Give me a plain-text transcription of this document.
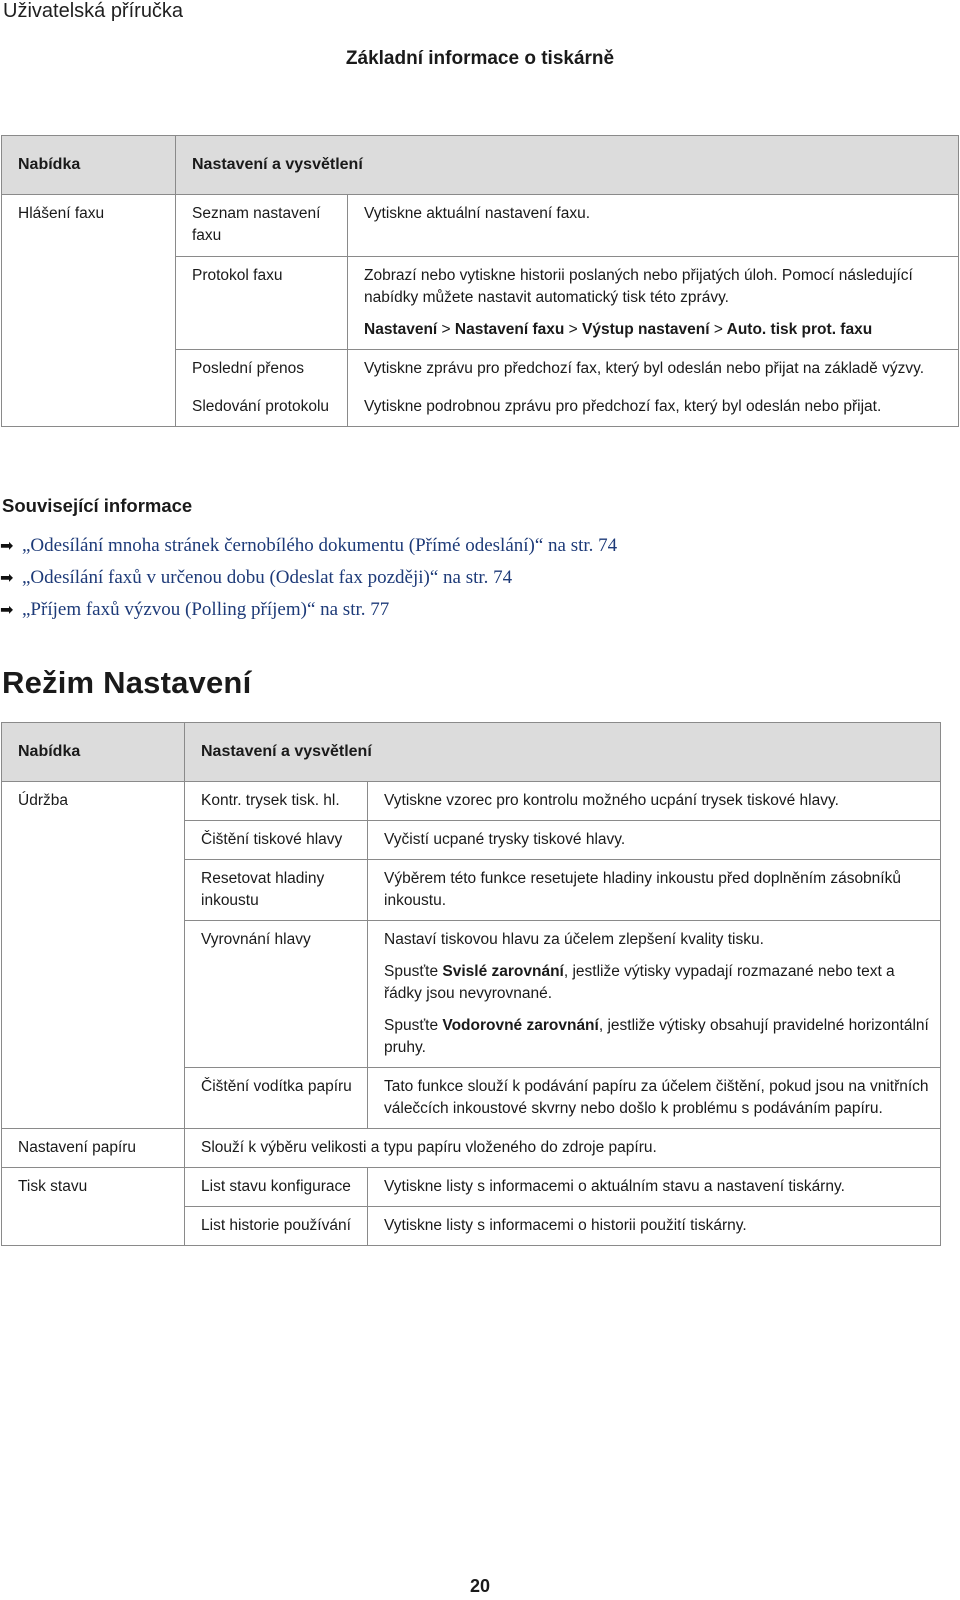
Uživatelská příručka

Základní informace o tiskárně
Nabídka	Nastavení a vysvětlení	
Hlášení faxu	Seznam nastavení faxu	Vytiskne aktuální nastavení faxu.
	Protokol faxu	Zobrazí nebo vytiskne historii poslaných nebo přijatých úloh. Pomocí následující nabídky můžete nastavit automatický tisk této zprávy.
Nastavení > Nastavení faxu > Výstup nastavení > Auto. tisk prot. faxu

	Poslední přenos	Vytiskne zprávu pro předchozí fax, který byl odeslán nebo přijat na základě výzvy.
	Sledování protokolu	Vytiskne podrobnou zprávu pro předchozí fax, který byl odeslán nebo přijat.
Související informace
➡ „Odesílání mnoha stránek černobílého dokumentu (Přímé odeslání)“ na str. 74
➡ „Odesílání faxů v určenou dobu (Odeslat fax později)“ na str. 74
➡ „Příjem faxů výzvou (Polling příjem)“ na str. 77
Režim Nastavení
Nabídka	Nastavení a vysvětlení	
Údržba	Kontr. trysek tisk. hl.	Vytiskne vzorec pro kontrolu možného ucpání trysek tiskové hlavy.
	Čištění tiskové hlavy	Vyčistí ucpané trysky tiskové hlavy.
	Resetovat hladiny inkoustu	Výběrem této funkce resetujete hladiny inkoustu před doplněním zásobníků inkoustu.
	Vyrovnání hlavy	Nastaví tiskovou hlavu za účelem zlepšení kvality tisku.
Spusťte Svislé zarovnání, jestliže výtisky vypadají rozmazané nebo text a řádky jsou nevyrovnané.
Spusťte Vodorovné zarovnání, jestliže výtisky obsahují pravidelné horizontální pruhy.

	Čištění vodítka papíru	Tato funkce slouží k podávání papíru za účelem čištění, pokud jsou na vnitřních válečcích inkoustové skvrny nebo došlo k problému s podáváním papíru.
Nastavení papíru	Slouží k výběru velikosti a typu papíru vloženého do zdroje papíru.	
Tisk stavu	List stavu konfigurace	Vytiskne listy s informacemi o aktuálním stavu a nastavení tiskárny.
	List historie používání	Vytiskne listy s informacemi o historii použití tiskárny.

20
